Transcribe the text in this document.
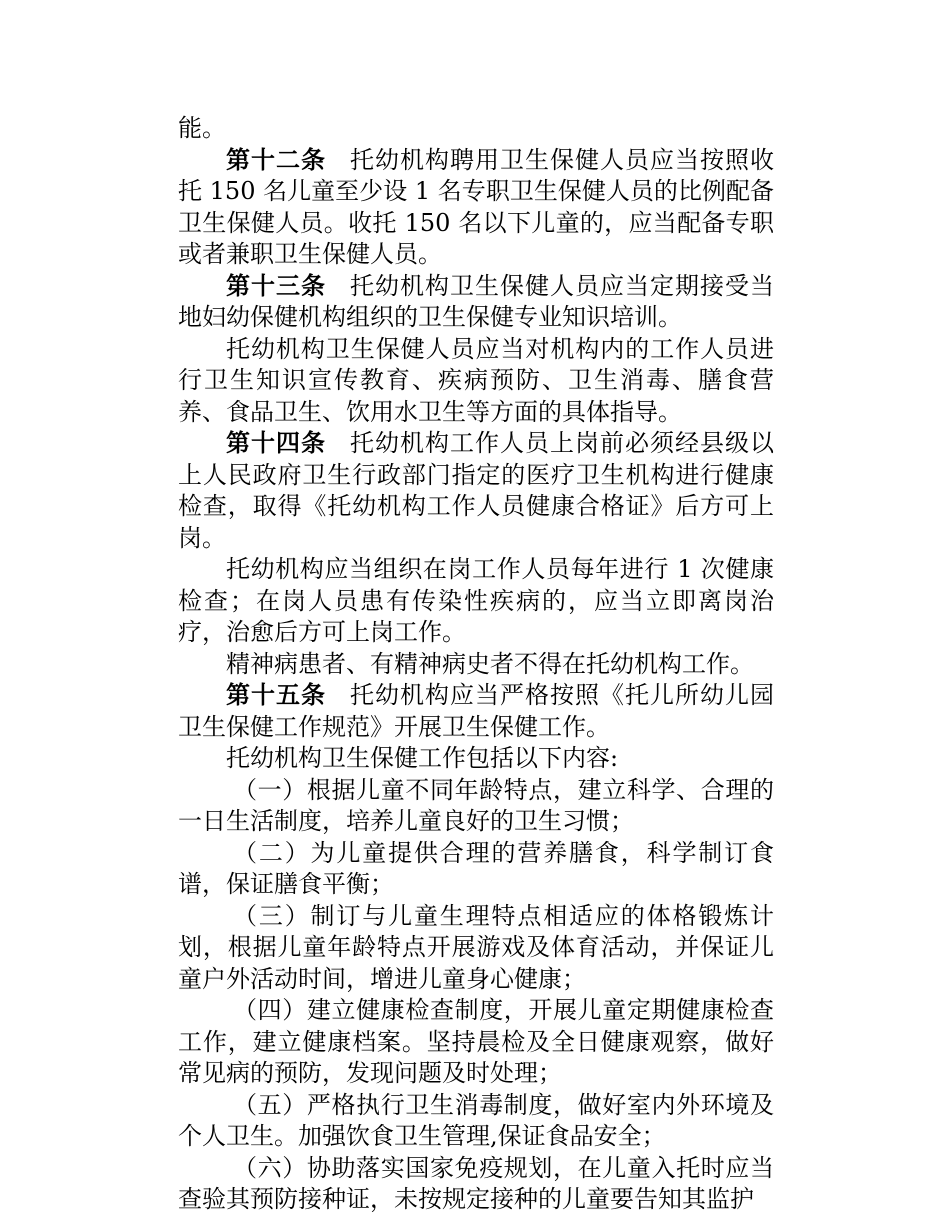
能。
第十二条 托幼机构聘用卫生保健人员应当按照收
托 150 名儿童至少设 1 名专职卫生保健人员的比例配备
卫生保健人员。收托 150 名以下儿童的，应当配备专职
或者兼职卫生保健人员。
第十三条 托幼机构卫生保健人员应当定期接受当
地妇幼保健机构组织的卫生保健专业知识培训。
托幼机构卫生保健人员应当对机构内的工作人员进
行卫生知识宣传教育、疾病预防、卫生消毒、膳食营
养、食品卫生、饮用水卫生等方面的具体指导。
第十四条 托幼机构工作人员上岗前必须经县级以
上人民政府卫生行政部门指定的医疗卫生机构进行健康
检查，取得《托幼机构工作人员健康合格证》后方可上
岗。
托幼机构应当组织在岗工作人员每年进行 1 次健康
检查；在岗人员患有传染性疾病的，应当立即离岗治
疗，治愈后方可上岗工作。
精神病患者、有精神病史者不得在托幼机构工作。
第十五条 托幼机构应当严格按照《托儿所幼儿园
卫生保健工作规范》开展卫生保健工作。
托幼机构卫生保健工作包括以下内容:
（一）根据儿童不同年龄特点，建立科学、合理的
一日生活制度，培养儿童良好的卫生习惯；
（二）为儿童提供合理的营养膳食，科学制订食
谱，保证膳食平衡；
（三）制订与儿童生理特点相适应的体格锻炼计
划，根据儿童年龄特点开展游戏及体育活动，并保证儿
童户外活动时间，增进儿童身心健康；
（四）建立健康检查制度，开展儿童定期健康检查
工作，建立健康档案。坚持晨检及全日健康观察，做好
常见病的预防，发现问题及时处理；
（五）严格执行卫生消毒制度，做好室内外环境及
个人卫生。加强饮食卫生管理,保证食品安全；
（六）协助落实国家免疫规划，在儿童入托时应当
查验其预防接种证，未按规定接种的儿童要告知其监护
